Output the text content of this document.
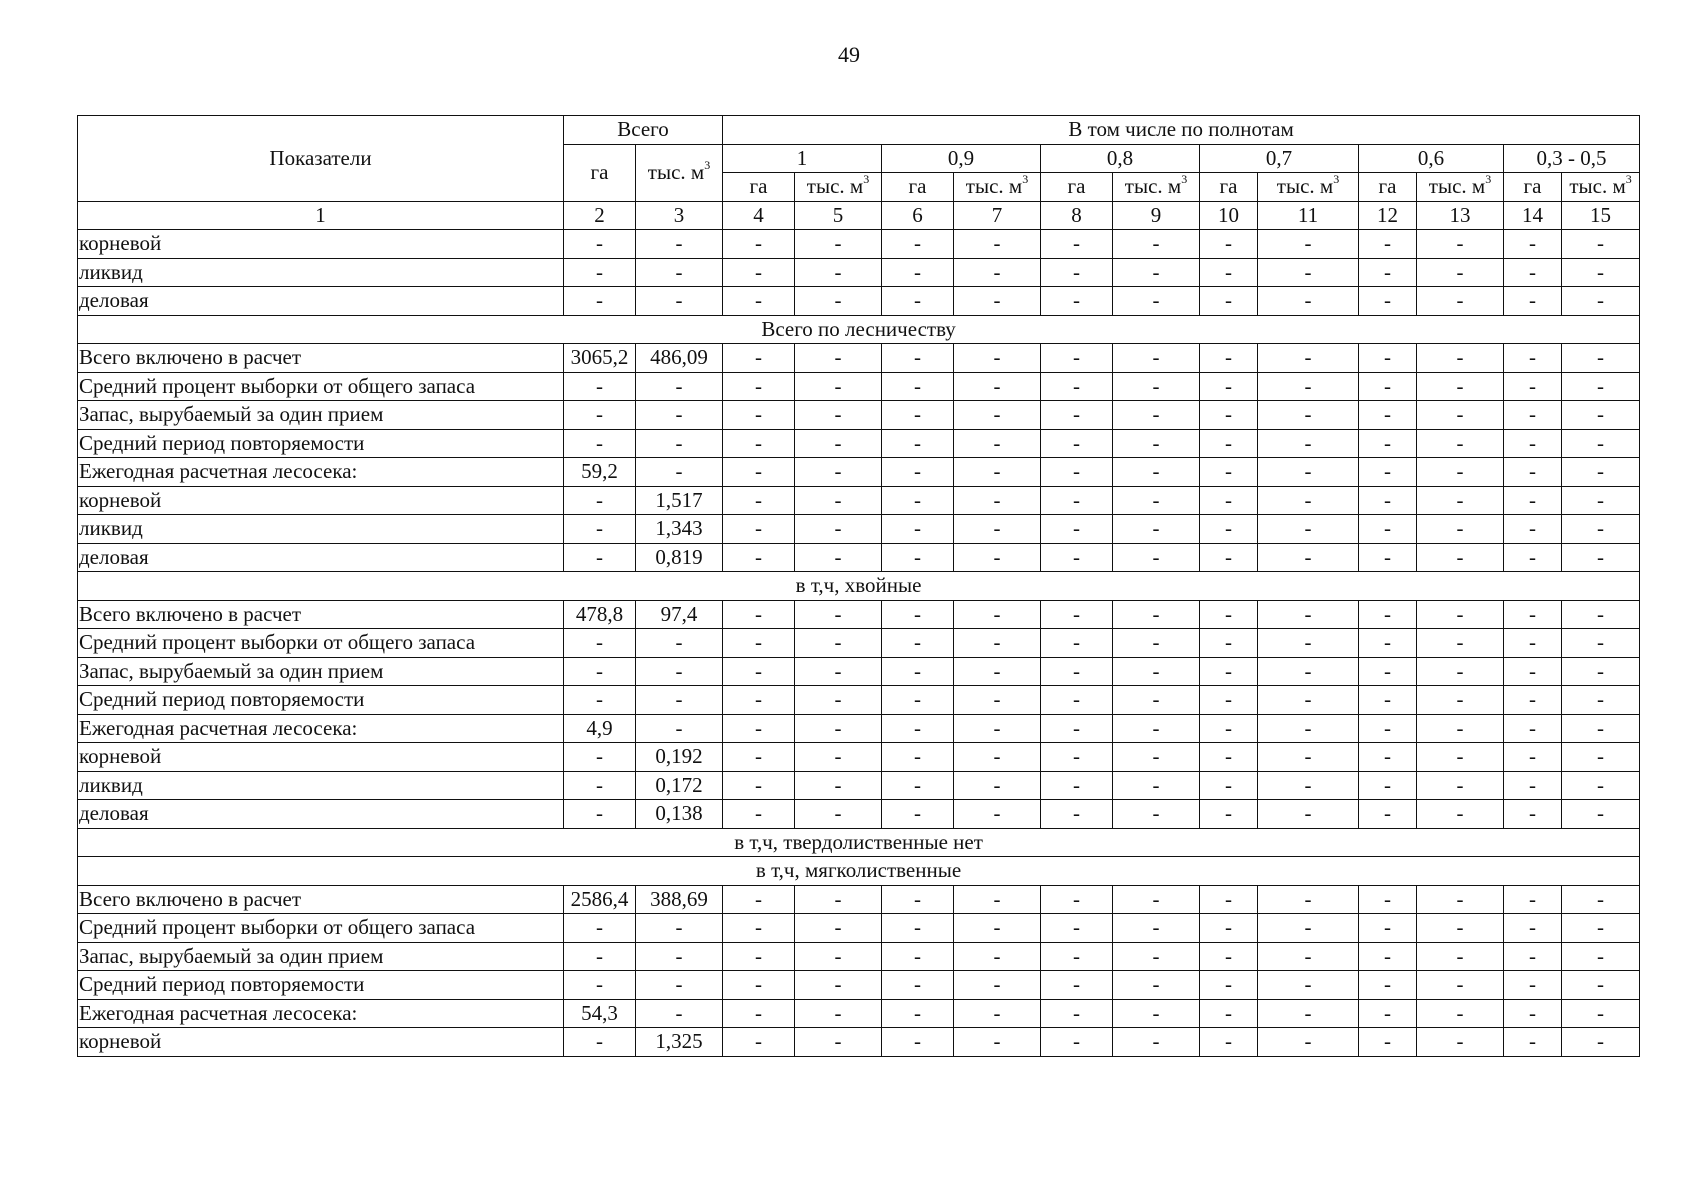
49
Показатели	Всего		В том числе по полнотам											
	га	тыс. $м^3$	1		0,9		0,8		0,7		0,6		0,3 - 0,5	
			га	тыс. $м^3$	га	тыс. $м^3$	га	тыс. $м^3$	га	тыс. $м^3$	га	тыс. $м^3$	га	тыс. $м^3$
1	2	3	4	5	6	7	8	9	10	11	12	13	14	15
корневой	-	-	-	-	-	-	-	-	-	-	-	-	-	-
ликвид	-	-	-	-	-	-	-	-	-	-	-	-	-	-
деловая	-	-	-	-	-	-	-	-	-	-	-	-	-	-
Всего по лесничеству														
Всего включено в расчет	3065,2	486,09	-	-	-	-	-	-	-	-	-	-	-	-
Средний процент выборки от общего запаса	-	-	-	-	-	-	-	-	-	-	-	-	-	-
Запас, вырубаемый за один прием	-	-	-	-	-	-	-	-	-	-	-	-	-	-
Средний период повторяемости	-	-	-	-	-	-	-	-	-	-	-	-	-	-
Ежегодная расчетная лесосека:	59,2	-	-	-	-	-	-	-	-	-	-	-	-	-
корневой	-	1,517	-	-	-	-	-	-	-	-	-	-	-	-
ликвид	-	1,343	-	-	-	-	-	-	-	-	-	-	-	-
деловая	-	0,819	-	-	-	-	-	-	-	-	-	-	-	-
в т,ч, хвойные														
Всего включено в расчет	478,8	97,4	-	-	-	-	-	-	-	-	-	-	-	-
Средний процент выборки от общего запаса	-	-	-	-	-	-	-	-	-	-	-	-	-	-
Запас, вырубаемый за один прием	-	-	-	-	-	-	-	-	-	-	-	-	-	-
Средний период повторяемости	-	-	-	-	-	-	-	-	-	-	-	-	-	-
Ежегодная расчетная лесосека:	4,9	-	-	-	-	-	-	-	-	-	-	-	-	-
корневой	-	0,192	-	-	-	-	-	-	-	-	-	-	-	-
ликвид	-	0,172	-	-	-	-	-	-	-	-	-	-	-	-
деловая	-	0,138	-	-	-	-	-	-	-	-	-	-	-	-
в т,ч, твердолиственные нет														
в т,ч, мягколиственные														
Всего включено в расчет	2586,4	388,69	-	-	-	-	-	-	-	-	-	-	-	-
Средний процент выборки от общего запаса	-	-	-	-	-	-	-	-	-	-	-	-	-	-
Запас, вырубаемый за один прием	-	-	-	-	-	-	-	-	-	-	-	-	-	-
Средний период повторяемости	-	-	-	-	-	-	-	-	-	-	-	-	-	-
Ежегодная расчетная лесосека:	54,3	-	-	-	-	-	-	-	-	-	-	-	-	-
корневой	-	1,325	-	-	-	-	-	-	-	-	-	-	-	-
